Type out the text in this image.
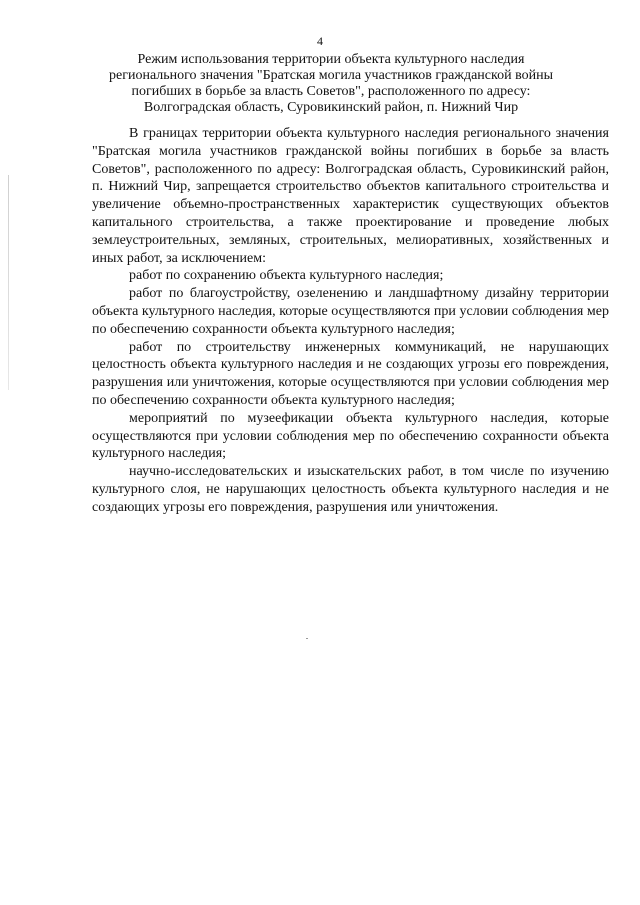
4
Режим использования территории объекта культурного наследия
регионального значения "Братская могила участников гражданской войны
погибших в борьбе за власть Советов", расположенного по адресу:
Волгоградская область, Суровикинский район, п. Нижний Чир

В границах территории объекта культурного наследия регионального значения "Братская могила участников гражданской войны погибших в борьбе за власть Советов", расположенного по адресу: Волгоградская область, Суровикинский район, п. Нижний Чир, запрещается строительство объектов капитального строительства и увеличение объемно-пространственных характеристик существующих объектов капитального строительства, а также проектирование и проведение любых землеустроительных, земляных, строительных, мелиоративных, хозяйственных и иных работ, за исключением:

работ по сохранению объекта культурного наследия;

работ по благоустройству, озеленению и ландшафтному дизайну территории объекта культурного наследия, которые осуществляются при условии соблюдения мер по обеспечению сохранности объекта культурного наследия;

работ по строительству инженерных коммуникаций, не нарушающих целостность объекта культурного наследия и не создающих угрозы его повреждения, разрушения или уничтожения, которые осуществляются при условии соблюдения мер по обеспечению сохранности объекта культурного наследия;

мероприятий по музеефикации объекта культурного наследия, которые осуществляются при условии соблюдения мер по обеспечению сохранности объекта культурного наследия;

научно-исследовательских и изыскательских работ, в том числе по изучению культурного слоя, не нарушающих целостность объекта культурного наследия и не создающих угрозы его повреждения, разрушения или уничтожения.
